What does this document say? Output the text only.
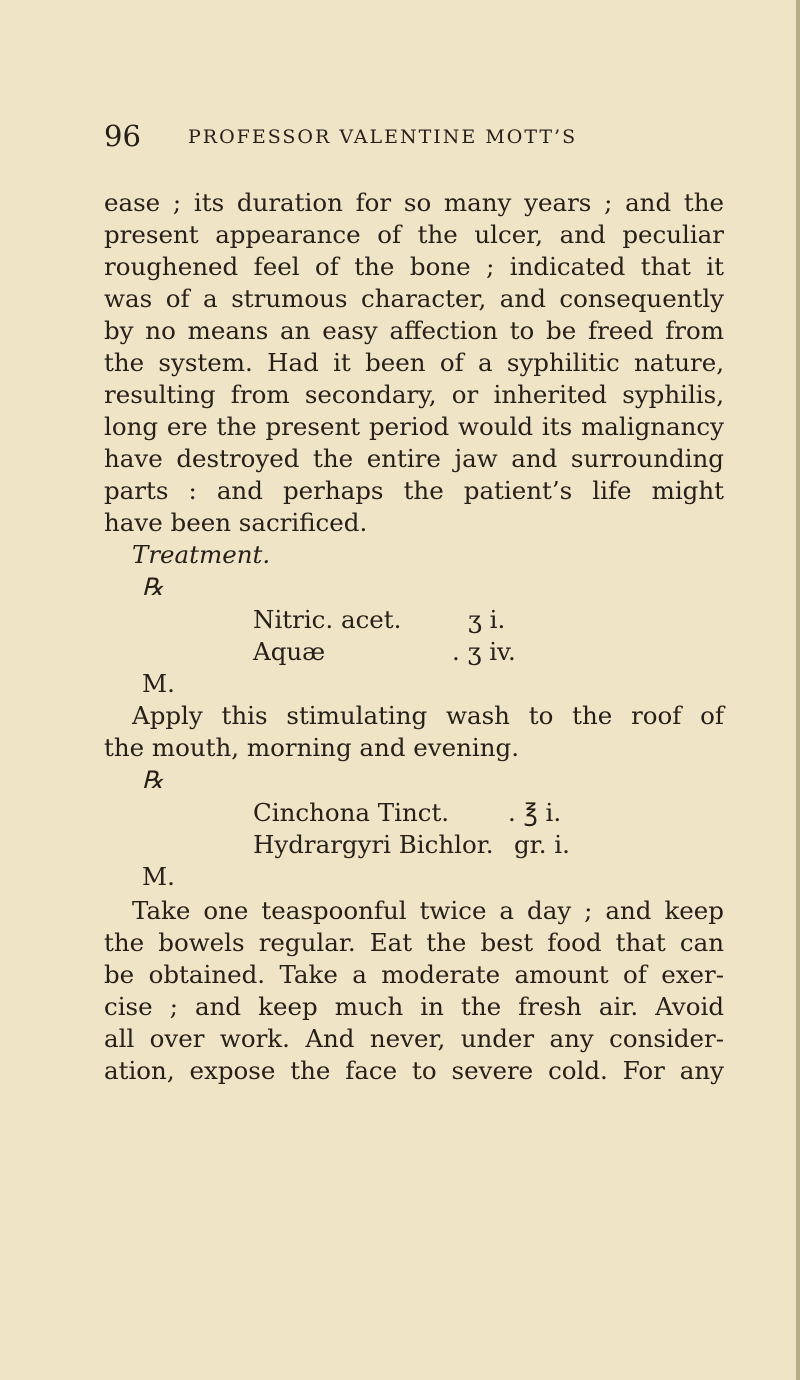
96 PROFESSOR VALENTINE MOTT’S
ease ; its duration for so many years ; and the
present appearance of the ulcer, and peculiar
roughened feel of the bone ; indicated that it
was of a strumous character, and consequently
by no means an easy affection to be freed from
the system. Had it been of a syphilitic nature,
resulting from secondary, or inherited syphilis,
long ere the present period would its malignancy
have destroyed the entire jaw and surrounding
parts : and perhaps the patient’s life might
have been sacrificed.
Treatment.
℞
Nitric. acet.	ʒ i.
Aquæ	. ʒ iv.
M.
Apply this stimulating wash to the roof of
the mouth, morning and evening.
℞
Cinchona Tinct. . ℥ i.
Hydrargyri Bichlor. gr. i.
M.
Take one teaspoonful twice a day ; and keep
the bowels regular. Eat the best food that can
be obtained. Take a moderate amount of exer-
cise ; and keep much in the fresh air. Avoid
all over work. And never, under any consider-
ation, expose the face to severe cold. For any
